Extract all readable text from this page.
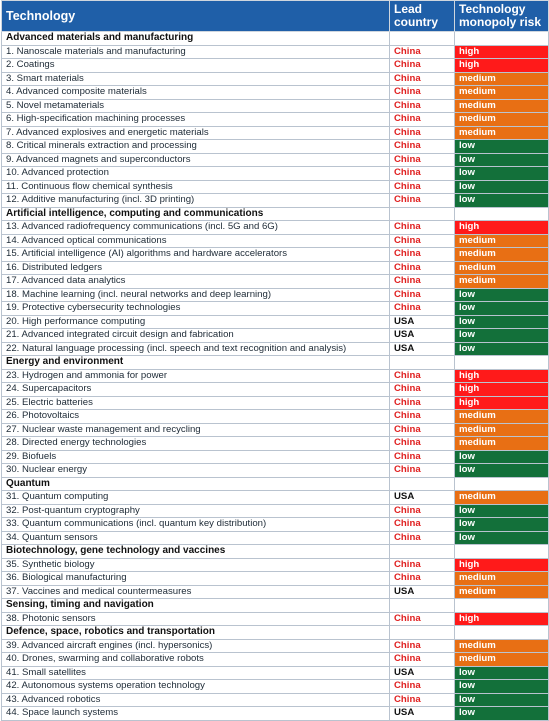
Technology	Lead country	Technology monopoly risk
Advanced materials and manufacturing		
1. Nanoscale materials and manufacturing	China	high
2. Coatings	China	high
3. Smart materials	China	medium
4. Advanced composite materials	China	medium
5. Novel metamaterials	China	medium
6. High-specification machining processes	China	medium
7. Advanced explosives and energetic materials	China	medium
8. Critical minerals extraction and processing	China	low
9. Advanced magnets and superconductors	China	low
10. Advanced protection	China	low
11. Continuous flow chemical synthesis	China	low
12. Additive manufacturing (incl. 3D printing)	China	low
Artificial intelligence, computing and communications		
13. Advanced radiofrequency communications (incl. 5G and 6G)	China	high
14. Advanced optical communications	China	medium
15. Artificial intelligence (AI) algorithms and hardware accelerators	China	medium
16. Distributed ledgers	China	medium
17. Advanced data analytics	China	medium
18. Machine learning (incl. neural networks and deep learning)	China	low
19. Protective cybersecurity technologies	China	low
20. High performance computing	USA	low
21. Advanced integrated circuit design and fabrication	USA	low
22. Natural language processing (incl. speech and text recognition and analysis)	USA	low
Energy and environment		
23. Hydrogen and ammonia for power	China	high
24. Supercapacitors	China	high
25. Electric batteries	China	high
26. Photovoltaics	China	medium
27. Nuclear waste management and recycling	China	medium
28. Directed energy technologies	China	medium
29. Biofuels	China	low
30. Nuclear energy	China	low
Quantum		
31. Quantum computing	USA	medium
32. Post-quantum cryptography	China	low
33. Quantum communications (incl. quantum key distribution)	China	low
34. Quantum sensors	China	low
Biotechnology, gene technology and vaccines		
35. Synthetic biology	China	high
36. Biological manufacturing	China	medium
37. Vaccines and medical countermeasures	USA	medium
Sensing, timing and navigation		
38. Photonic sensors	China	high
Defence, space, robotics and transportation		
39. Advanced aircraft engines (incl. hypersonics)	China	medium
40. Drones, swarming and collaborative robots	China	medium
41. Small satellites	USA	low
42. Autonomous systems operation technology	China	low
43. Advanced robotics	China	low
44. Space launch systems	USA	low
